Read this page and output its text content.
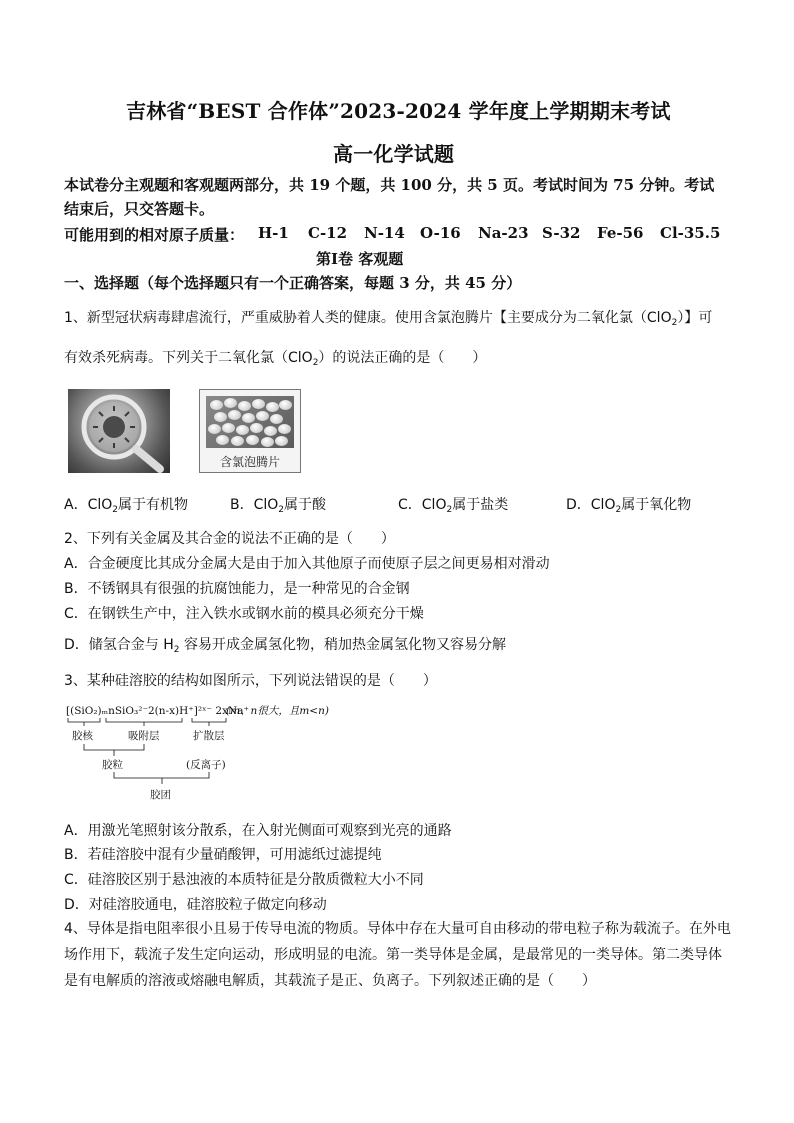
吉林省“BEST 合作体”2023-2024 学年度上学期期末考试
高一化学试题
本试卷分主观题和客观题两部分，共 19 个题，共 100 分，共 5 页。考试时间为 75 分钟。考试
结束后，只交答题卡。
可能用到的相对原子质量： H-1 C-12 N-14 O-16 Na-23 S-32 Fe-56 Cl-35.5
第Ⅰ卷 客观题
一、选择题（每个选择题只有一个正确答案，每题 3 分，共 45 分）
1、新型冠状病毒肆虐流行，严重威胁着人类的健康。使用含氯泡腾片【主要成分为二氧化氯（ClO$_2$）】可
有效杀死病毒。下列关于二氧化氯（ClO$_2$）的说法正确的是（　　）
含氯泡腾片
A．ClO$_2$属于有机物	B．ClO$_2$属于酸	C．ClO$_2$属于盐类	D．ClO$_2$属于氧化物
2、下列有关金属及其合金的说法不正确的是（　　）
A．合金硬度比其成分金属大是由于加入其他原子而使原子层之间更易相对滑动
B．不锈钢具有很强的抗腐蚀能力，是一种常见的合金钢
C．在钢铁生产中，注入铁水或钢水前的模具必须充分干燥
D．储氢合金与 $H_2$ 容易开成金属氢化物，稍加热金属氢化物又容易分解
3、某种硅溶胶的结构如图所示，下列说法错误的是（　　）
[(SiO₂)ₘnSiO₃²⁻2(n-x)H⁺]²ˣ⁻ 2xNa⁺
(m、n很大，且m<n)
胶核	吸附层	扩散层
胶粒	(反离子)
胶团
A．用激光笔照射该分散系，在入射光侧面可观察到光亮的通路
B．若硅溶胶中混有少量硝酸钾，可用滤纸过滤提纯
C．硅溶胶区别于悬浊液的本质特征是分散质微粒大小不同
D．对硅溶胶通电，硅溶胶粒子做定向移动
4、导体是指电阻率很小且易于传导电流的物质。导体中存在大量可自由移动的带电粒子称为载流子。在外电
场作用下，载流子发生定向运动，形成明显的电流。第一类导体是金属，是最常见的一类导体。第二类导体
是有电解质的溶液或熔融电解质，其载流子是正、负离子。下列叙述正确的是（　　）
